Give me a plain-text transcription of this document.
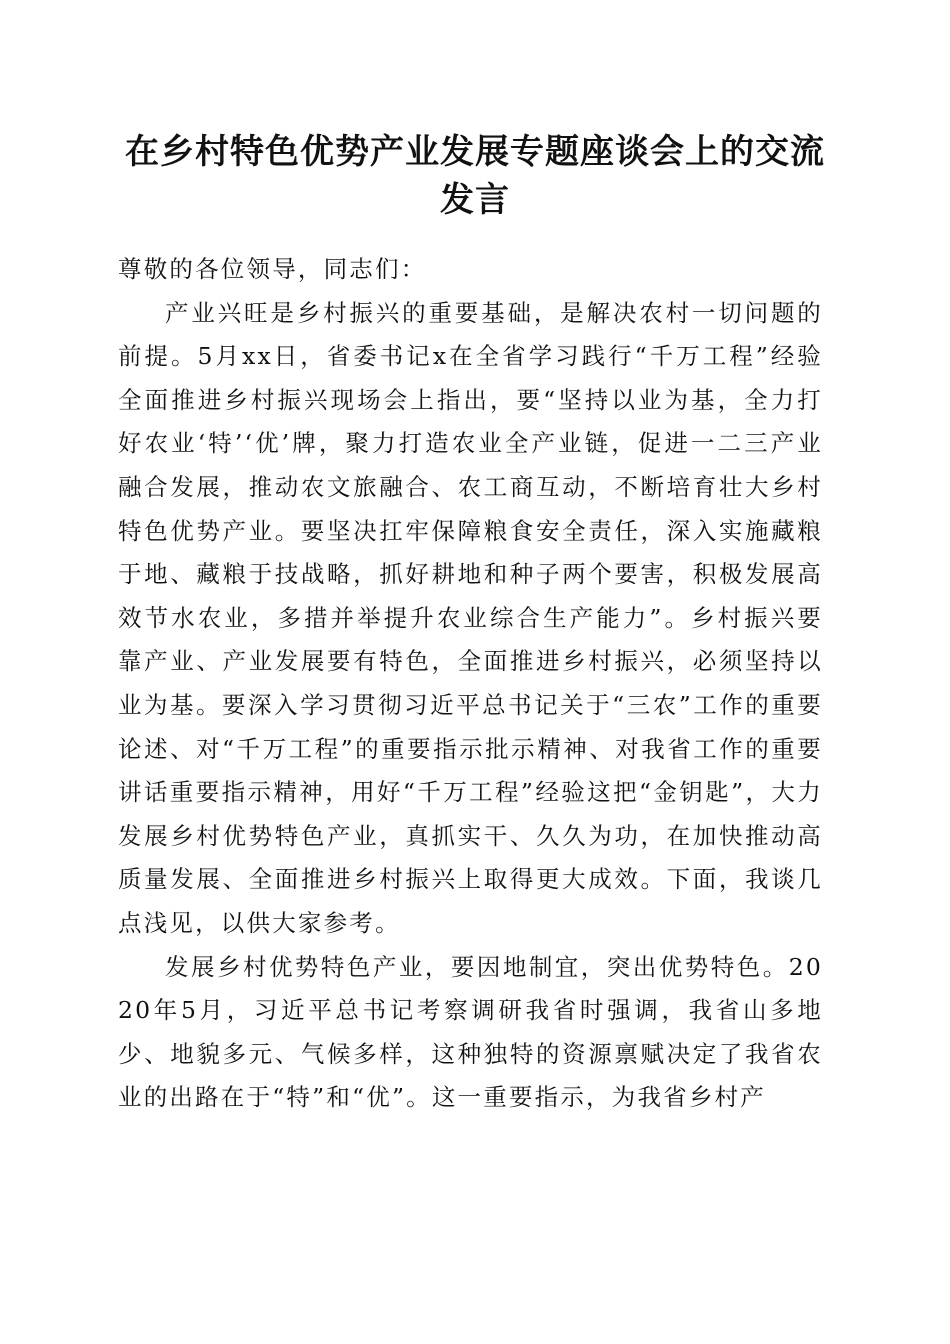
在乡村特色优势产业发展专题座谈会上的交流发言

尊敬的各位领导，同志们：

产业兴旺是乡村振兴的重要基础，是解决农村一切问题的前提。5月xx日，省委书记x在全省学习践行“千万工程”经验全面推进乡村振兴现场会上指出，要“坚持以业为基，全力打好农业‘特’‘优’牌，聚力打造农业全产业链，促进一二三产业融合发展，推动农文旅融合、农工商互动，不断培育壮大乡村特色优势产业。要坚决扛牢保障粮食安全责任，深入实施藏粮于地、藏粮于技战略，抓好耕地和种子两个要害，积极发展高效节水农业，多措并举提升农业综合生产能力”。乡村振兴要靠产业、产业发展要有特色，全面推进乡村振兴，必须坚持以业为基。要深入学习贯彻习近平总书记关于“三农”工作的重要论述、对“千万工程”的重要指示批示精神、对我省工作的重要讲话重要指示精神，用好“千万工程”经验这把“金钥匙”，大力发展乡村优势特色产业，真抓实干、久久为功，在加快推动高质量发展、全面推进乡村振兴上取得更大成效。下面，我谈几点浅见，以供大家参考。

发展乡村优势特色产业，要因地制宜，突出优势特色。2020年5月，习近平总书记考察调研我省时强调，我省山多地少、地貌多元、气候多样，这种独特的资源禀赋决定了我省农业的出路在于“特”和“优”。这一重要指示，为我省乡村产
